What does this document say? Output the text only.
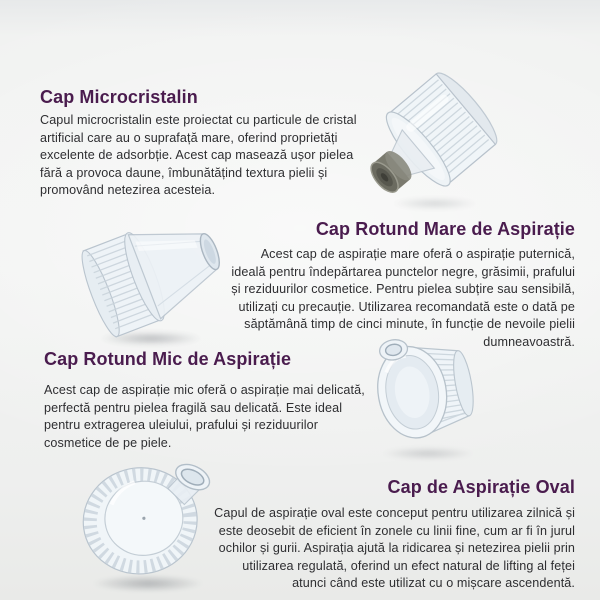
Cap Microcristalin

Capul microcristalin este proiectat cu particule de cristal artificial care au o suprafață mare, oferind proprietăți excelente de adsorbție. Acest cap masează ușor pielea fără a provoca daune, îmbunătățind textura pielii și promovând netezirea acesteia.

Cap Rotund Mare de Aspirație

Acest cap de aspirație mare oferă o aspirație puternică, ideală pentru îndepărtarea punctelor negre, grăsimii, prafului și reziduurilor cosmetice. Pentru pielea subțire sau sensibilă, utilizați cu precauție. Utilizarea recomandată este o dată pe săptămână timp de cinci minute, în funcție de nevoile pielii dumneavoastră.

Cap Rotund Mic de Aspirație

Acest cap de aspirație mic oferă o aspirație mai delicată, perfectă pentru pielea fragilă sau delicată. Este ideal pentru extragerea uleiului, prafului și reziduurilor cosmetice de pe piele.

Cap de Aspirație Oval

Capul de aspirație oval este conceput pentru utilizarea zilnică și este deosebit de eficient în zonele cu linii fine, cum ar fi în jurul ochilor și gurii. Aspirația ajută la ridicarea și netezirea pielii prin utilizarea regulată, oferind un efect natural de lifting al feței atunci când este utilizat cu o mișcare ascendentă.
